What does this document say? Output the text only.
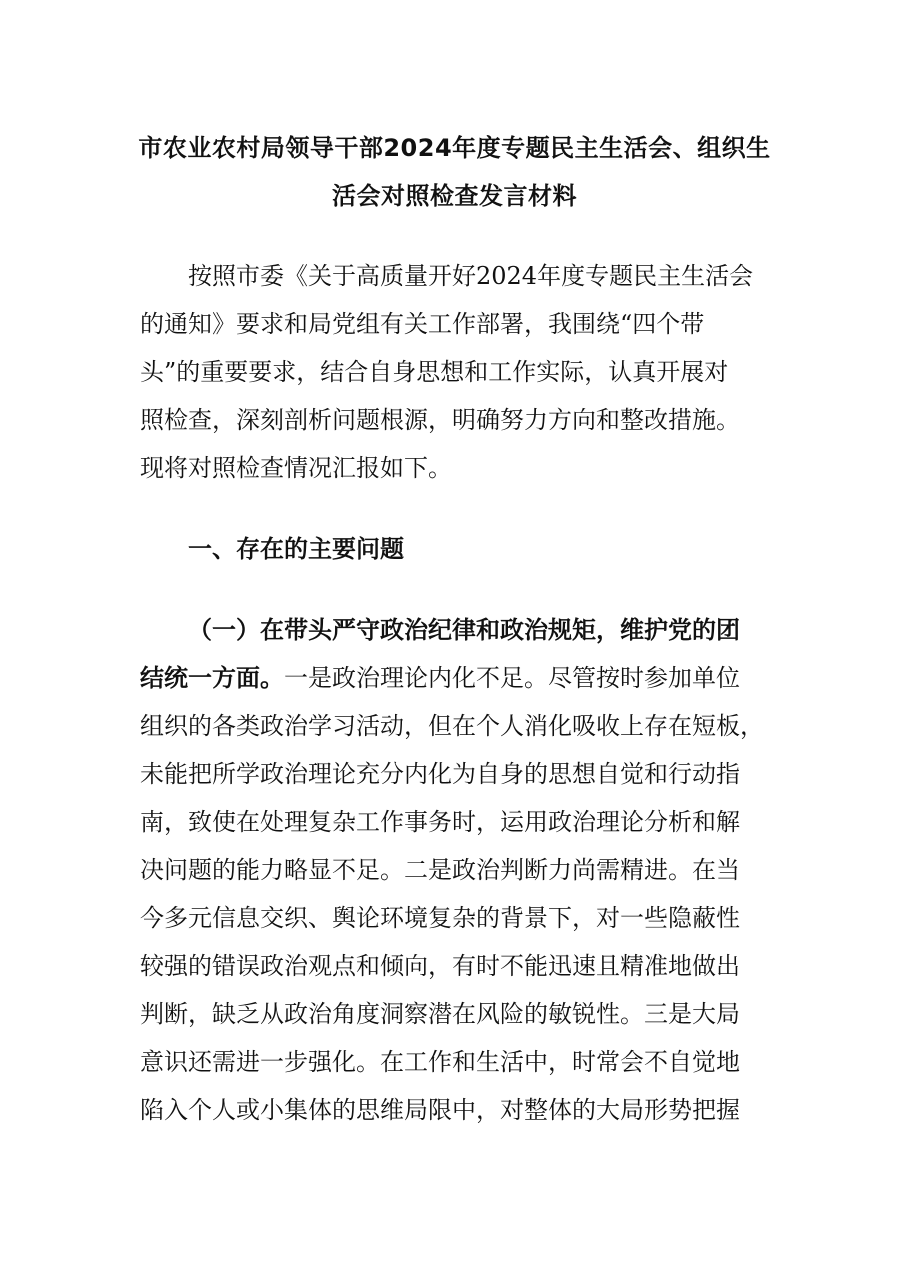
市农业农村局领导干部2024年度专题民主生活会、组织生
活会对照检查发言材料
按照市委《关于高质量开好2024年度专题民主生活会
的通知》要求和局党组有关工作部署，我围绕“四个带
头”的重要要求，结合自身思想和工作实际，认真开展对
照检查，深刻剖析问题根源，明确努力方向和整改措施。
现将对照检查情况汇报如下。
一、存在的主要问题
（一）在带头严守政治纪律和政治规矩，维护党的团
结统一方面。一是政治理论内化不足。尽管按时参加单位
组织的各类政治学习活动，但在个人消化吸收上存在短板，
未能把所学政治理论充分内化为自身的思想自觉和行动指
南，致使在处理复杂工作事务时，运用政治理论分析和解
决问题的能力略显不足。二是政治判断力尚需精进。在当
今多元信息交织、舆论环境复杂的背景下，对一些隐蔽性
较强的错误政治观点和倾向，有时不能迅速且精准地做出
判断，缺乏从政治角度洞察潜在风险的敏锐性。三是大局
意识还需进一步强化。在工作和生活中，时常会不自觉地
陷入个人或小集体的思维局限中，对整体的大局形势把握
